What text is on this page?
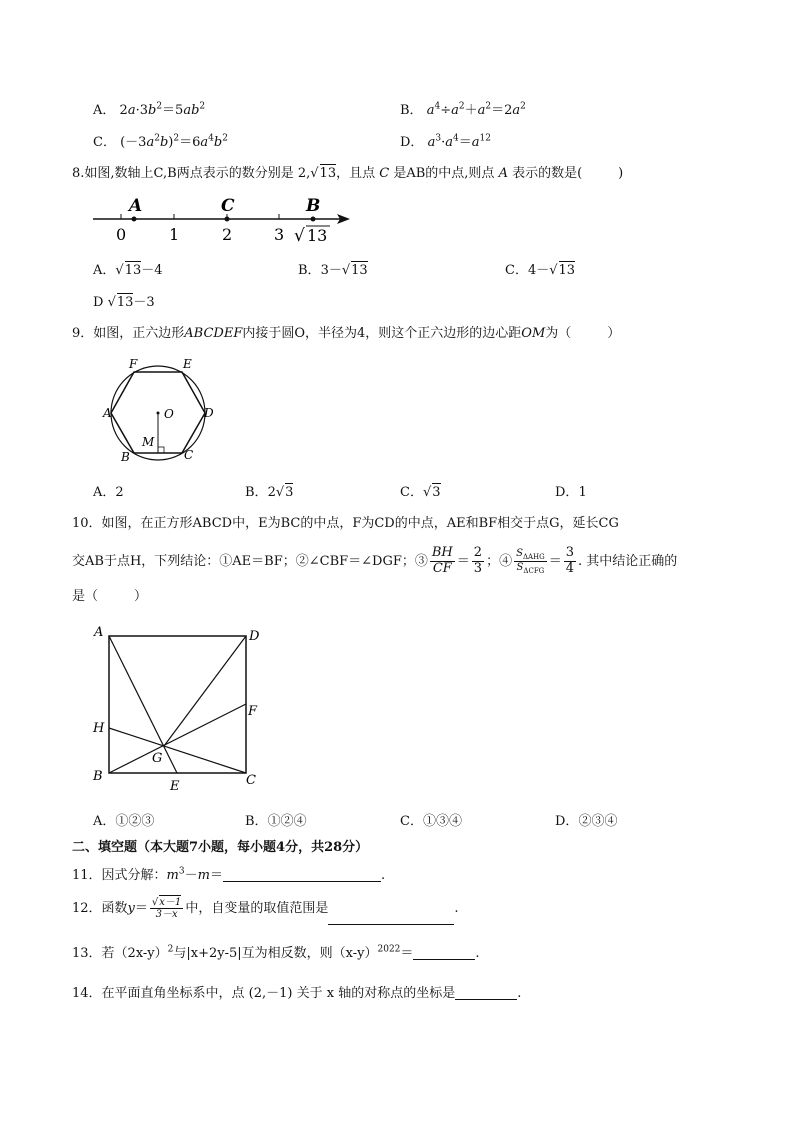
A． $2a\cdot 3b^2=5ab^2$	B． $a^4\div a^2+a^2=2a^2$
C． $(-3a^2b)^2=6a^4b^2$	D． $a^3\cdot a^4=a^{12}$
8.如图,数轴上C,B两点表示的数分别是 2,√13，且点 C 是AB的中点,则点 A 表示的数是(	)
A	C	B
0	1	2	3 √ 13
A．√13－4	B．3－√13	C．4－√13
D √13－3
9．如图，正六边形ABCDEF内接于圆O，半径为4，则这个正六边形的边心距OM为（	）
F	E
A	O	D
M
B	C
A．2	B．2√3	C．√3	D．1
10．如图，在正方形ABCD中，E为BC的中点，F为CD的中点，AE和BF相交于点G，延长CG
交AB于点H，下列结论：①AE＝BF；②∠CBF＝∠DGF；③ $\frac{BH}{CF} = \frac{2}{3}$ ；④ $\frac{S_{\Delta AHG}}{S_{\Delta CFG}} = \frac{3}{4}$ . 其中结论正确的
是（	）
A	D
F
H
G
B
E	C
A．①②③	B．①②④	C．①③④	D．②③④
二、填空题（本大题7小题，每小题4分，共28分）
11．因式分解：$m^3-m=$	.
12．函数$y= \frac{√x-1}{3-x}$ 中，自变量的取值范围是	.
13．若$(2x-y)^2$与|x+2y-5|互为相反数，则$(x-y)^{2022}=$	.
14．在平面直角坐标系中，点 (2,－1) 关于 x 轴的对称点的坐标是	.
